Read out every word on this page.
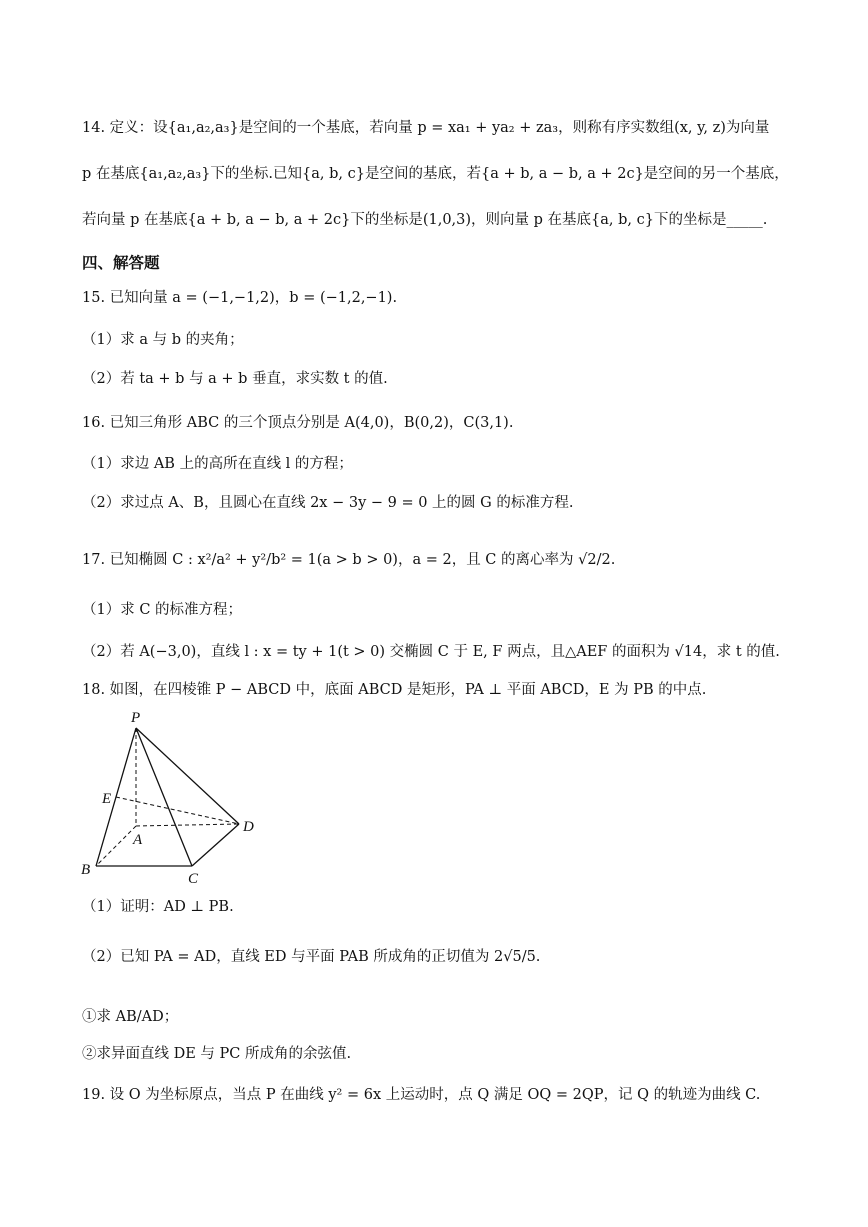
14. 定义：设{a₁,a₂,a₃}是空间的一个基底，若向量 p = xa₁ + ya₂ + za₃，则称有序实数组(x, y, z)为向量
p 在基底{a₁,a₂,a₃}下的坐标.已知{a, b, c}是空间的基底，若{a + b, a − b, a + 2c}是空间的另一个基底，
若向量 p 在基底{a + b, a − b, a + 2c}下的坐标是(1,0,3)，则向量 p 在基底{a, b, c}下的坐标是_____.
四、解答题
15. 已知向量 a = (−1,−1,2)，b = (−1,2,−1).
（1）求 a 与 b 的夹角；
（2）若 ta + b 与 a + b 垂直，求实数 t 的值.
16. 已知三角形 ABC 的三个顶点分别是 A(4,0)，B(0,2)，C(3,1).
（1）求边 AB 上的高所在直线 l 的方程；
（2）求过点 A、B，且圆心在直线 2x − 3y − 9 = 0 上的圆 G 的标准方程.
17. 已知椭圆 C : x²/a² + y²/b² = 1(a > b > 0)，a = 2，且 C 的离心率为 √2/2.
（1）求 C 的标准方程；
（2）若 A(−3,0)，直线 l : x = ty + 1(t > 0) 交椭圆 C 于 E, F 两点，且△AEF 的面积为 √14，求 t 的值.
18. 如图，在四棱锥 P − ABCD 中，底面 ABCD 是矩形，PA ⊥ 平面 ABCD，E 为 PB 的中点.
P
E
A
B
C
D
（1）证明：AD ⊥ PB.
（2）已知 PA = AD，直线 ED 与平面 PAB 所成角的正切值为 2√5/5.
①求 AB/AD；
②求异面直线 DE 与 PC 所成角的余弦值.
19. 设 O 为坐标原点，当点 P 在曲线 y² = 6x 上运动时，点 Q 满足 OQ = 2QP，记 Q 的轨迹为曲线 C.
